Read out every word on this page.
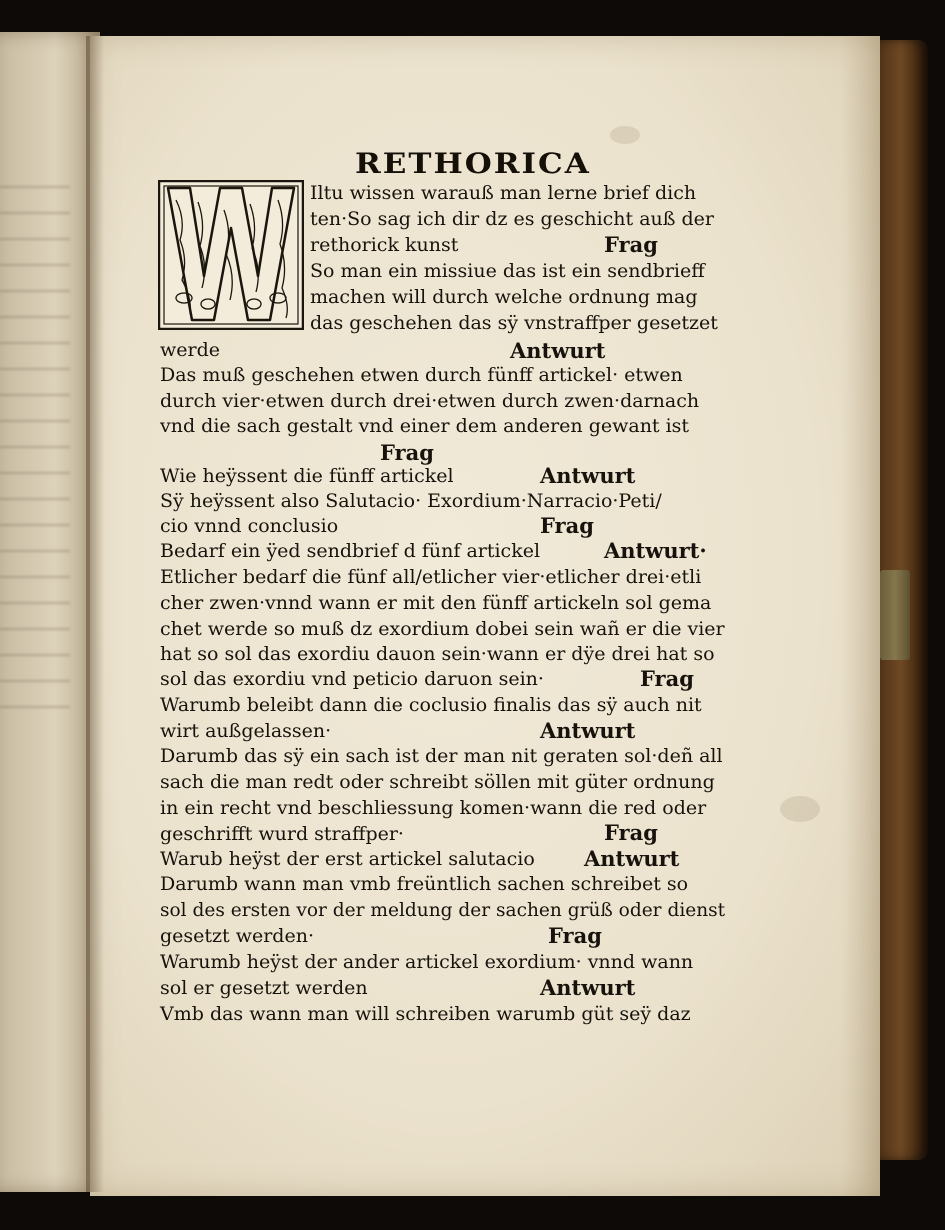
RETHORICA
Iltu wissen warauß man lerne brief dich
ten·So sag ich dir dz es geschicht auß der
rethorick kunst
So man ein missiue das ist ein sendbrieff
machen will durch welche ordnung mag
das geschehen das sÿ vnstraffper gesetzet
werde
Das muß geschehen etwen durch fünff artickel· etwen
durch vier·etwen durch drei·etwen durch zwen·darnach
vnd die sach gestalt vnd einer dem anderen gewant ist
Wie heÿssent die fünff artickel
Sÿ heÿssent also Salutacio· Exordium·Narracio·Peti/
cio vnnd conclusio
Bedarf ein ÿed sendbrief d fünf artickel
Etlicher bedarf die fünf all/etlicher vier·etlicher drei·etli
cher zwen·vnnd wann er mit den fünff artickeln sol gema
chet werde so muß dz exordium dobei sein wañ er die vier
hat so sol das exordiu dauon sein·wann er dÿe drei hat so
sol das exordiu vnd peticio daruon sein·
Warumb beleibt dann die coclusio finalis das sÿ auch nit
wirt außgelassen·
Darumb das sÿ ein sach ist der man nit geraten sol·deñ all
sach die man redt oder schreibt söllen mit güter ordnung
in ein recht vnd beschliessung komen·wann die red oder
geschrifft wurd straffper·
Warub heÿst der erst artickel salutacio
Darumb wann man vmb freüntlich sachen schreibet so
sol des ersten vor der meldung der sachen grüß oder dienst
gesetzt werden·
Warumb heÿst der ander artickel exordium· vnnd wann
sol er gesetzt werden
Vmb das wann man will schreiben warumb güt seÿ daz
Frag
Antwurt
Frag
Antwurt
Frag
Antwurt·
Frag
Antwurt
Frag
Antwurt
Frag
Antwurt
